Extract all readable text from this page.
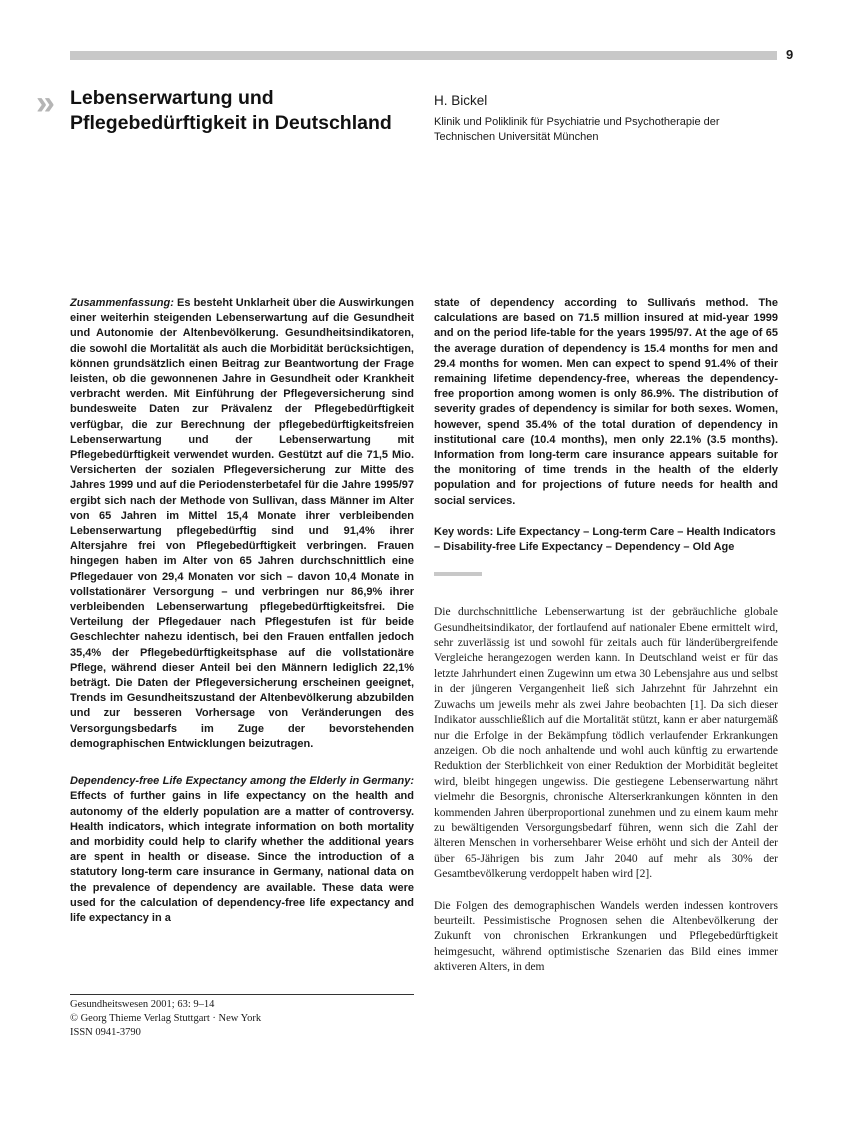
9
» Lebenserwartung und
Pflegebedürftigkeit in Deutschland
H. Bickel
Klinik und Poliklinik für Psychiatrie und Psychotherapie der
Technischen Universität München

Zusammenfassung: Es besteht Unklarheit über die Auswirkungen einer weiterhin steigenden Lebenserwartung auf die Gesundheit und Autonomie der Altenbevölkerung. Gesundheitsindikatoren, die sowohl die Mortalität als auch die Morbidität berücksichtigen, können grundsätzlich einen Beitrag zur Beantwortung der Frage leisten, ob die gewonnenen Jahre in Gesundheit oder Krankheit verbracht werden. Mit Einführung der Pflegeversicherung sind bundesweite Daten zur Prävalenz der Pflegebedürftigkeit verfügbar, die zur Berechnung der pflegebedürftigkeitsfreien Lebenserwartung und der Lebenserwartung mit Pflegebedürftigkeit verwendet wurden. Gestützt auf die 71,5 Mio. Versicherten der sozialen Pflegeversicherung zur Mitte des Jahres 1999 und auf die Periodensterbetafel für die Jahre 1995/97 ergibt sich nach der Methode von Sullivan, dass Männer im Alter von 65 Jahren im Mittel 15,4 Monate ihrer verbleibenden Lebenserwartung pflegebedürftig sind und 91,4% ihrer Altersjahre frei von Pflegebedürftigkeit verbringen. Frauen hingegen haben im Alter von 65 Jahren durchschnittlich eine Pflegedauer von 29,4 Monaten vor sich – davon 10,4 Monate in vollstationärer Versorgung – und verbringen nur 86,9% ihrer verbleibenden Lebenserwartung pflegebedürftigkeitsfrei. Die Verteilung der Pflegedauer nach Pflegestufen ist für beide Geschlechter nahezu identisch, bei den Frauen entfallen jedoch 35,4% der Pflegebedürftigkeitsphase auf die vollstationäre Pflege, während dieser Anteil bei den Männern lediglich 22,1% beträgt. Die Daten der Pflegeversicherung erscheinen geeignet, Trends im Gesundheitszustand der Altenbevölkerung abzubilden und zur besseren Vorhersage von Veränderungen des Versorgungsbedarfs im Zuge der bevorstehenden demographischen Entwicklungen beizutragen.

Dependency-free Life Expectancy among the Elderly in Germany: Effects of further gains in life expectancy on the health and autonomy of the elderly population are a matter of controversy. Health indicators, which integrate information on both mortality and morbidity could help to clarify whether the additional years are spent in health or disease. Since the introduction of a statutory long-term care insurance in Germany, national data on the prevalence of dependency are available. These data were used for the calculation of dependency-free life expectancy and life expectancy in a

state of dependency according to Sullivańs method. The calculations are based on 71.5 million insured at mid-year 1999 and on the period life-table for the years 1995/97. At the age of 65 the average duration of dependency is 15.4 months for men and 29.4 months for women. Men can expect to spend 91.4% of their remaining lifetime dependency-free, whereas the dependency-free proportion among women is only 86.9%. The distribution of severity grades of dependency is similar for both sexes. Women, however, spend 35.4% of the total duration of dependency in institutional care (10.4 months), men only 22.1% (3.5 months). Information from long-term care insurance appears suitable for the monitoring of time trends in the health of the elderly population and for projections of future needs for health and social services.

Key words: Life Expectancy – Long-term Care – Health Indicators – Disability-free Life Expectancy – Dependency – Old Age

Die durchschnittliche Lebenserwartung ist der gebräuchliche globale Gesundheitsindikator, der fortlaufend auf nationaler Ebene ermittelt wird, sehr zuverlässig ist und sowohl für zeitals auch für länderübergreifende Vergleiche herangezogen werden kann. In Deutschland weist er für das letzte Jahrhundert einen Zugewinn um etwa 30 Lebensjahre aus und selbst in der jüngeren Vergangenheit ließ sich Jahrzehnt für Jahrzehnt ein Zuwachs um jeweils mehr als zwei Jahre beobachten [1]. Da sich dieser Indikator ausschließlich auf die Mortalität stützt, kann er aber naturgemäß nur die Erfolge in der Bekämpfung tödlich verlaufender Erkrankungen anzeigen. Ob die noch anhaltende und wohl auch künftig zu erwartende Reduktion der Sterblichkeit von einer Reduktion der Morbidität begleitet wird, bleibt hingegen ungewiss. Die gestiegene Lebenserwartung nährt vielmehr die Besorgnis, chronische Alterserkrankungen könnten in den kommenden Jahren überproportional zunehmen und zu einem kaum mehr zu bewältigenden Versorgungsbedarf führen, wenn sich die Zahl der älteren Menschen in vorhersehbarer Weise erhöht und sich der Anteil der über 65-Jährigen bis zum Jahr 2040 auf mehr als 30% der Gesamtbevölkerung verdoppelt haben wird [2].

Die Folgen des demographischen Wandels werden indessen kontrovers beurteilt. Pessimistische Prognosen sehen die Altenbevölkerung der Zukunft von chronischen Erkrankungen und Pflegebedürftigkeit heimgesucht, während optimistische Szenarien das Bild eines immer aktiveren Alters, in dem

Gesundheitswesen 2001; 63: 9–14
© Georg Thieme Verlag Stuttgart · New York
ISSN 0941-3790
